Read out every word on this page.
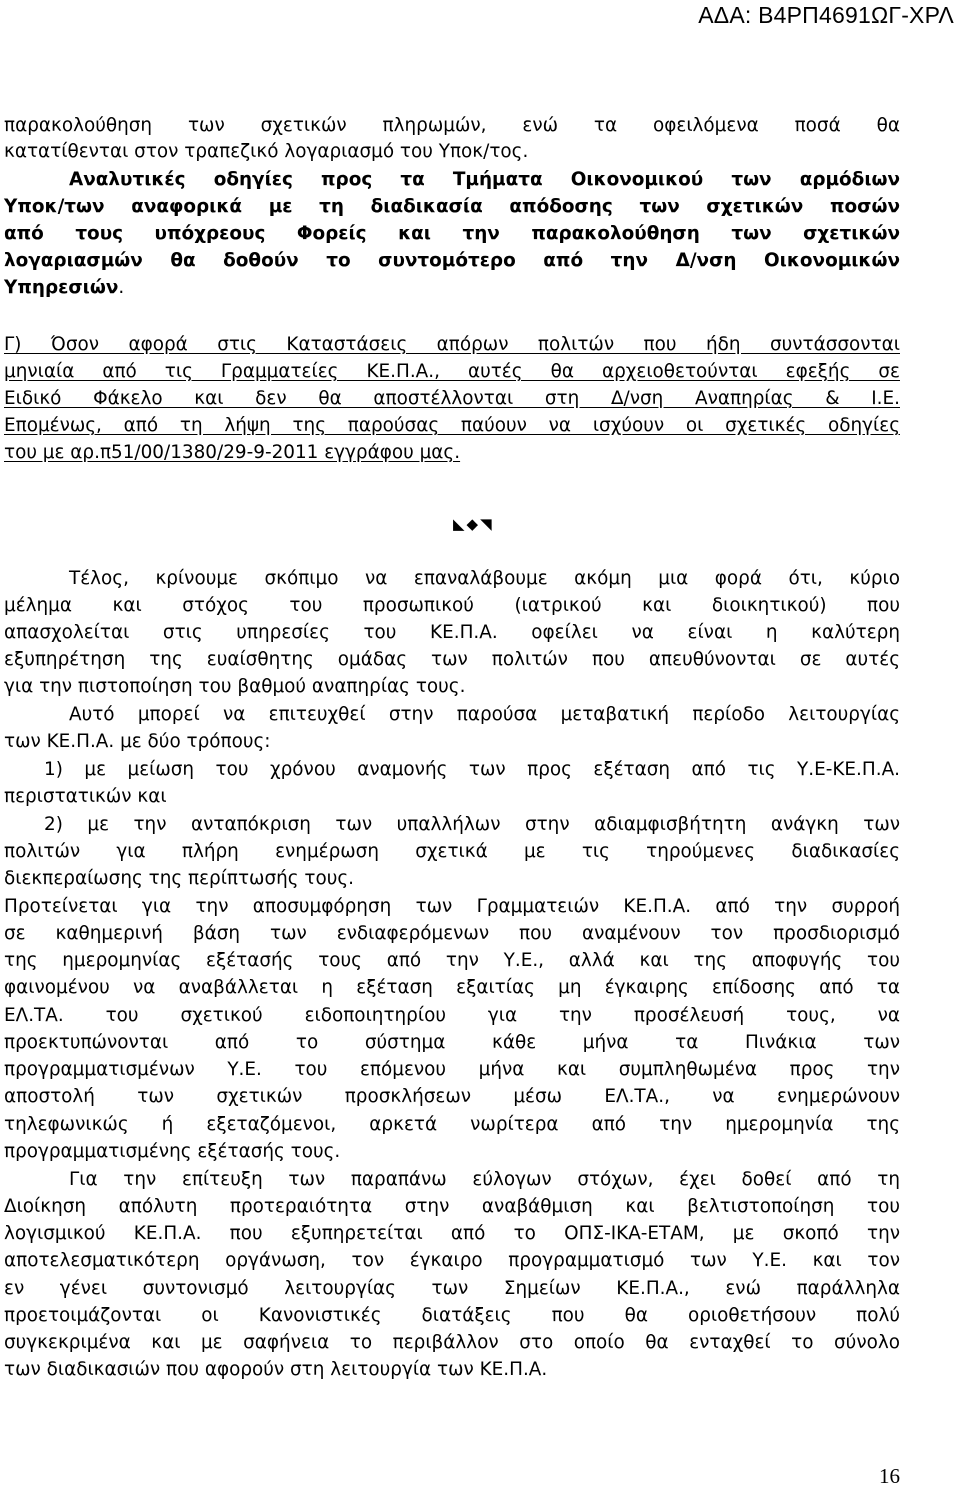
ΑΔΑ: Β4ΡΠ4691ΩΓ-ΧΡΛ
παρακολούθηση των σχετικών πληρωμών, ενώ τα οφειλόμενα ποσά θα
κατατίθενται στον τραπεζικό λογαριασμό του Υποκ/τος.
Αναλυτικές οδηγίες προς τα Τμήματα Οικονομικού των αρμόδιων
Υποκ/των αναφορικά με τη διαδικασία απόδοσης των σχετικών ποσών
από τους υπόχρεους Φορείς και την παρακολούθηση των σχετικών
λογαριασμών θα δοθούν το συντομότερο από την Δ/νση Οικονομικών
Υπηρεσιών.
Γ) Όσον αφορά στις Καταστάσεις απόρων πολιτών που ήδη συντάσσονται
μηνιαία από τις Γραμματείες ΚΕ.Π.Α., αυτές θα αρχειοθετούνται εφεξής σε
Ειδικό Φάκελο και δεν θα αποστέλλονται στη Δ/νση Αναπηρίας & Ι.Ε.
Επομένως, από τη λήψη της παρούσας παύουν να ισχύουν οι σχετικές οδηγίες
του με αρ.π51/00/1380/29-9-2011 εγγράφου μας.
◣◆◥
Τέλος, κρίνουμε σκόπιμο να επαναλάβουμε ακόμη μια φορά ότι, κύριο
μέλημα και στόχος του προσωπικού (ιατρικού και διοικητικού) που
απασχολείται στις υπηρεσίες του ΚΕ.Π.Α. οφείλει να είναι η καλύτερη
εξυπηρέτηση της ευαίσθητης ομάδας των πολιτών που απευθύνονται σε αυτές
για την πιστοποίηση του βαθμού αναπηρίας τους.
Αυτό μπορεί να επιτευχθεί στην παρούσα μεταβατική περίοδο λειτουργίας
των ΚΕ.Π.Α. με δύο τρόπους:
1) με μείωση του χρόνου αναμονής των προς εξέταση από τις Υ.Ε-ΚΕ.Π.Α.
περιστατικών και
2) με την ανταπόκριση των υπαλλήλων στην αδιαμφισβήτητη ανάγκη των
πολιτών για πλήρη ενημέρωση σχετικά με τις τηρούμενες διαδικασίες
διεκπεραίωσης της περίπτωσής τους.
Προτείνεται για την αποσυμφόρηση των Γραμματειών ΚΕ.Π.Α. από την συρροή
σε καθημερινή βάση των ενδιαφερόμενων που αναμένουν τον προσδιορισμό
της ημερομηνίας εξέτασής τους από την Υ.Ε., αλλά και της αποφυγής του
φαινομένου να αναβάλλεται η εξέταση εξαιτίας μη έγκαιρης επίδοσης από τα
ΕΛ.ΤΑ. του σχετικού ειδοποιητηρίου για την προσέλευσή τους, να
προεκτυπώνονται από το σύστημα κάθε μήνα τα Πινάκια των
προγραμματισμένων Υ.Ε. του επόμενου μήνα και συμπληθωμένα προς την
αποστολή των σχετικών προσκλήσεων μέσω ΕΛ.ΤΑ., να ενημερώνουν
τηλεφωνικώς ή εξεταζόμενοι, αρκετά νωρίτερα από την ημερομηνία της
προγραμματισμένης εξέτασής τους.
Για την επίτευξη των παραπάνω εύλογων στόχων, έχει δοθεί από τη
Διοίκηση απόλυτη προτεραιότητα στην αναβάθμιση και βελτιστοποίηση του
λογισμικού ΚΕ.Π.Α. που εξυπηρετείται από το ΟΠΣ-ΙΚΑ-ΕΤΑΜ, με σκοπό την
αποτελεσματικότερη οργάνωση, τον έγκαιρο προγραμματισμό των Υ.Ε. και τον
εν γένει συντονισμό λειτουργίας των Σημείων ΚΕ.Π.Α., ενώ παράλληλα
προετοιμάζονται οι Κανονιστικές διατάξεις που θα οριοθετήσουν πολύ
συγκεκριμένα και με σαφήνεια το περιβάλλον στο οποίο θα ενταχθεί το σύνολο
των διαδικασιών που αφορούν στη λειτουργία των ΚΕ.Π.Α.
16
